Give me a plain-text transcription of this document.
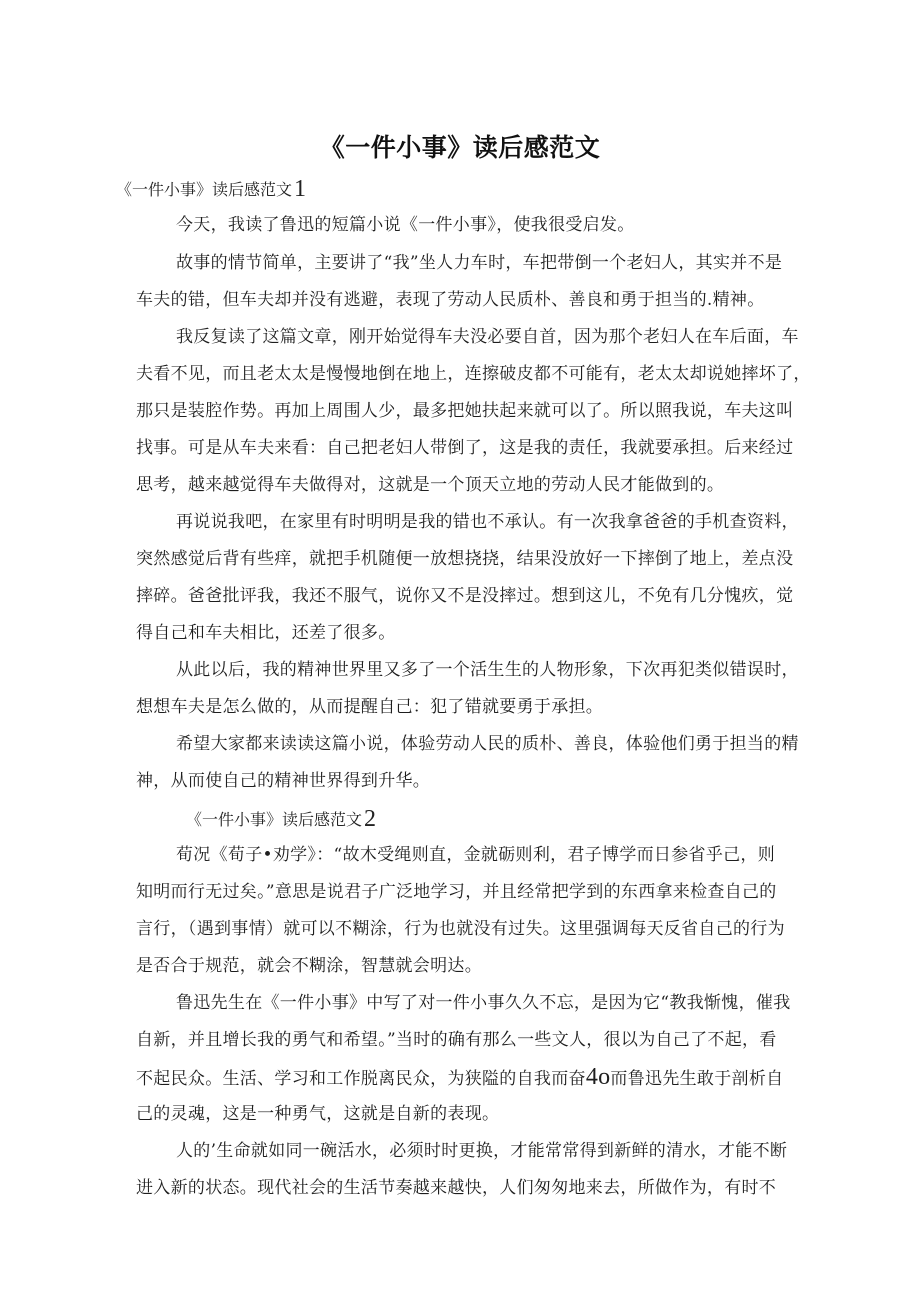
《一件小事》读后感范文
《一件小事》读后感范文1
今天，我读了鲁迅的短篇小说《一件小事》，使我很受启发。
故事的情节简单，主要讲了“我”坐人力车时，车把带倒一个老妇人，其实并不是
车夫的错，但车夫却并没有逃避，表现了劳动人民质朴、善良和勇于担当的.精神。
我反复读了这篇文章，刚开始觉得车夫没必要自首，因为那个老妇人在车后面，车
夫看不见，而且老太太是慢慢地倒在地上，连擦破皮都不可能有，老太太却说她摔坏了，
那只是装腔作势。再加上周围人少，最多把她扶起来就可以了。所以照我说，车夫这叫
找事。可是从车夫来看：自己把老妇人带倒了，这是我的责任，我就要承担。后来经过
思考，越来越觉得车夫做得对，这就是一个顶天立地的劳动人民才能做到的。
再说说我吧，在家里有时明明是我的错也不承认。有一次我拿爸爸的手机查资料，
突然感觉后背有些痒，就把手机随便一放想挠挠，结果没放好一下摔倒了地上，差点没
摔碎。爸爸批评我，我还不服气，说你又不是没摔过。想到这儿，不免有几分愧疚，觉
得自己和车夫相比，还差了很多。
从此以后，我的精神世界里又多了一个活生生的人物形象，下次再犯类似错误时，
想想车夫是怎么做的，从而提醒自己：犯了错就要勇于承担。
希望大家都来读读这篇小说，体验劳动人民的质朴、善良，体验他们勇于担当的精
神，从而使自己的精神世界得到升华。
《一件小事》读后感范文2
荀况《荀子•劝学》：“故木受绳则直，金就砺则利，君子博学而日参省乎己，则
知明而行无过矣。”意思是说君子广泛地学习，并且经常把学到的东西拿来检查自己的
言行，（遇到事情）就可以不糊涂，行为也就没有过失。这里强调每天反省自己的行为
是否合于规范，就会不糊涂，智慧就会明达。
鲁迅先生在《一件小事》中写了对一件小事久久不忘，是因为它“教我惭愧，催我
自新，并且增长我的勇气和希望。”当时的确有那么一些文人，很以为自己了不起，看
不起民众。生活、学习和工作脱离民众，为狭隘的自我而奋4o而鲁迅先生敢于剖析自
己的灵魂，这是一种勇气，这就是自新的表现。
人的’生命就如同一碗活水，必须时时更换，才能常常得到新鲜的清水，才能不断
进入新的状态。现代社会的生活节奏越来越快，人们匆匆地来去，所做作为，有时不
